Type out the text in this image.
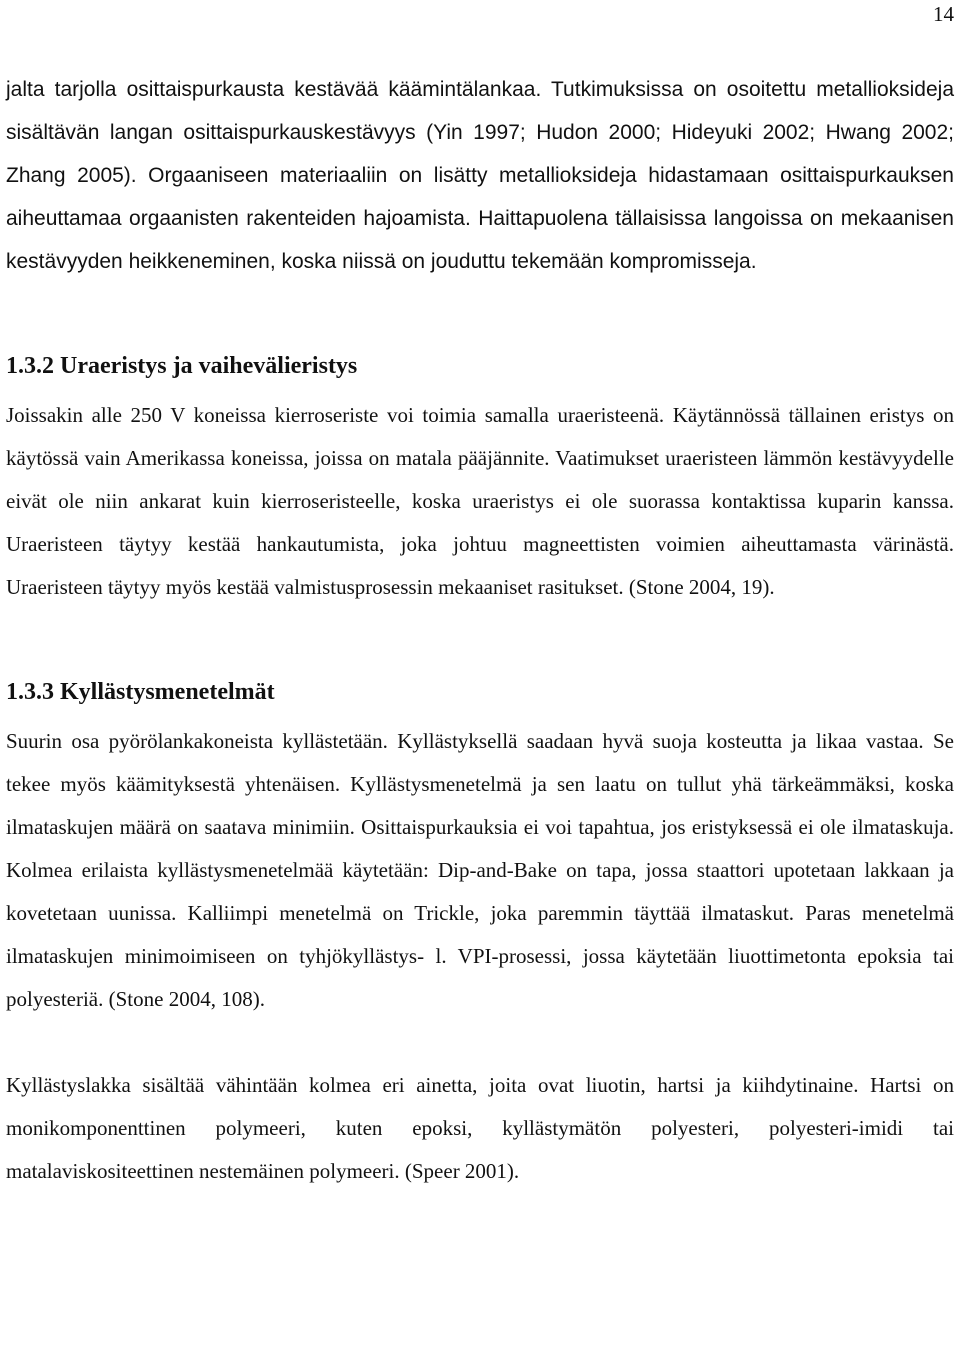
14

jalta tarjolla osittaispurkausta kestävää käämintälankaa. Tutkimuksissa on osoitettu metallioksideja sisältävän langan osittaispurkauskestävyys (Yin 1997; Hudon 2000; Hideyuki 2002; Hwang 2002; Zhang 2005). Orgaaniseen materiaaliin on lisätty metallioksideja hidastamaan osittaispurkauksen aiheuttamaa orgaanisten rakenteiden hajoamista. Haittapuolena tällaisissa langoissa on mekaanisen kestävyyden heikkeneminen, koska niissä on jouduttu tekemään kompromisseja.

1.3.2 Uraeristys ja vaihevälieristys

Joissakin alle 250 V koneissa kierroseriste voi toimia samalla uraeristeenä. Käytännössä tällainen eristys on käytössä vain Amerikassa koneissa, joissa on matala pääjännite. Vaatimukset uraeristeen lämmön kestävyydelle eivät ole niin ankarat kuin kierroseristeelle, koska uraeristys ei ole suorassa kontaktissa kuparin kanssa. Uraeristeen täytyy kestää hankautumista, joka johtuu magneettisten voimien aiheuttamasta värinästä. Uraeristeen täytyy myös kestää valmistusprosessin mekaaniset rasitukset. (Stone 2004, 19).

1.3.3 Kyllästysmenetelmät

Suurin osa pyörölankakoneista kyllästetään. Kyllästyksellä saadaan hyvä suoja kosteutta ja likaa vastaa. Se tekee myös käämityksestä yhtenäisen. Kyllästysmenetelmä ja sen laatu on tullut yhä tärkeämmäksi, koska ilmataskujen määrä on saatava minimiin. Osittaispurkauksia ei voi tapahtua, jos eristyksessä ei ole ilmataskuja. Kolmea erilaista kyllästysmenetelmää käytetään: Dip-and-Bake on tapa, jossa staattori upotetaan lakkaan ja kovetetaan uunissa. Kalliimpi menetelmä on Trickle, joka paremmin täyttää ilmataskut. Paras menetelmä ilmataskujen minimoimiseen on tyhjökyllästys- l. VPI-prosessi, jossa käytetään liuottimetonta epoksia tai polyesteriä. (Stone 2004, 108).

Kyllästyslakka sisältää vähintään kolmea eri ainetta, joita ovat liuotin, hartsi ja kiihdytinaine. Hartsi on monikomponenttinen polymeeri, kuten epoksi, kyllästymätön polyesteri, polyesteri-imidi tai matalaviskositeettinen nestemäinen polymeeri. (Speer 2001).
